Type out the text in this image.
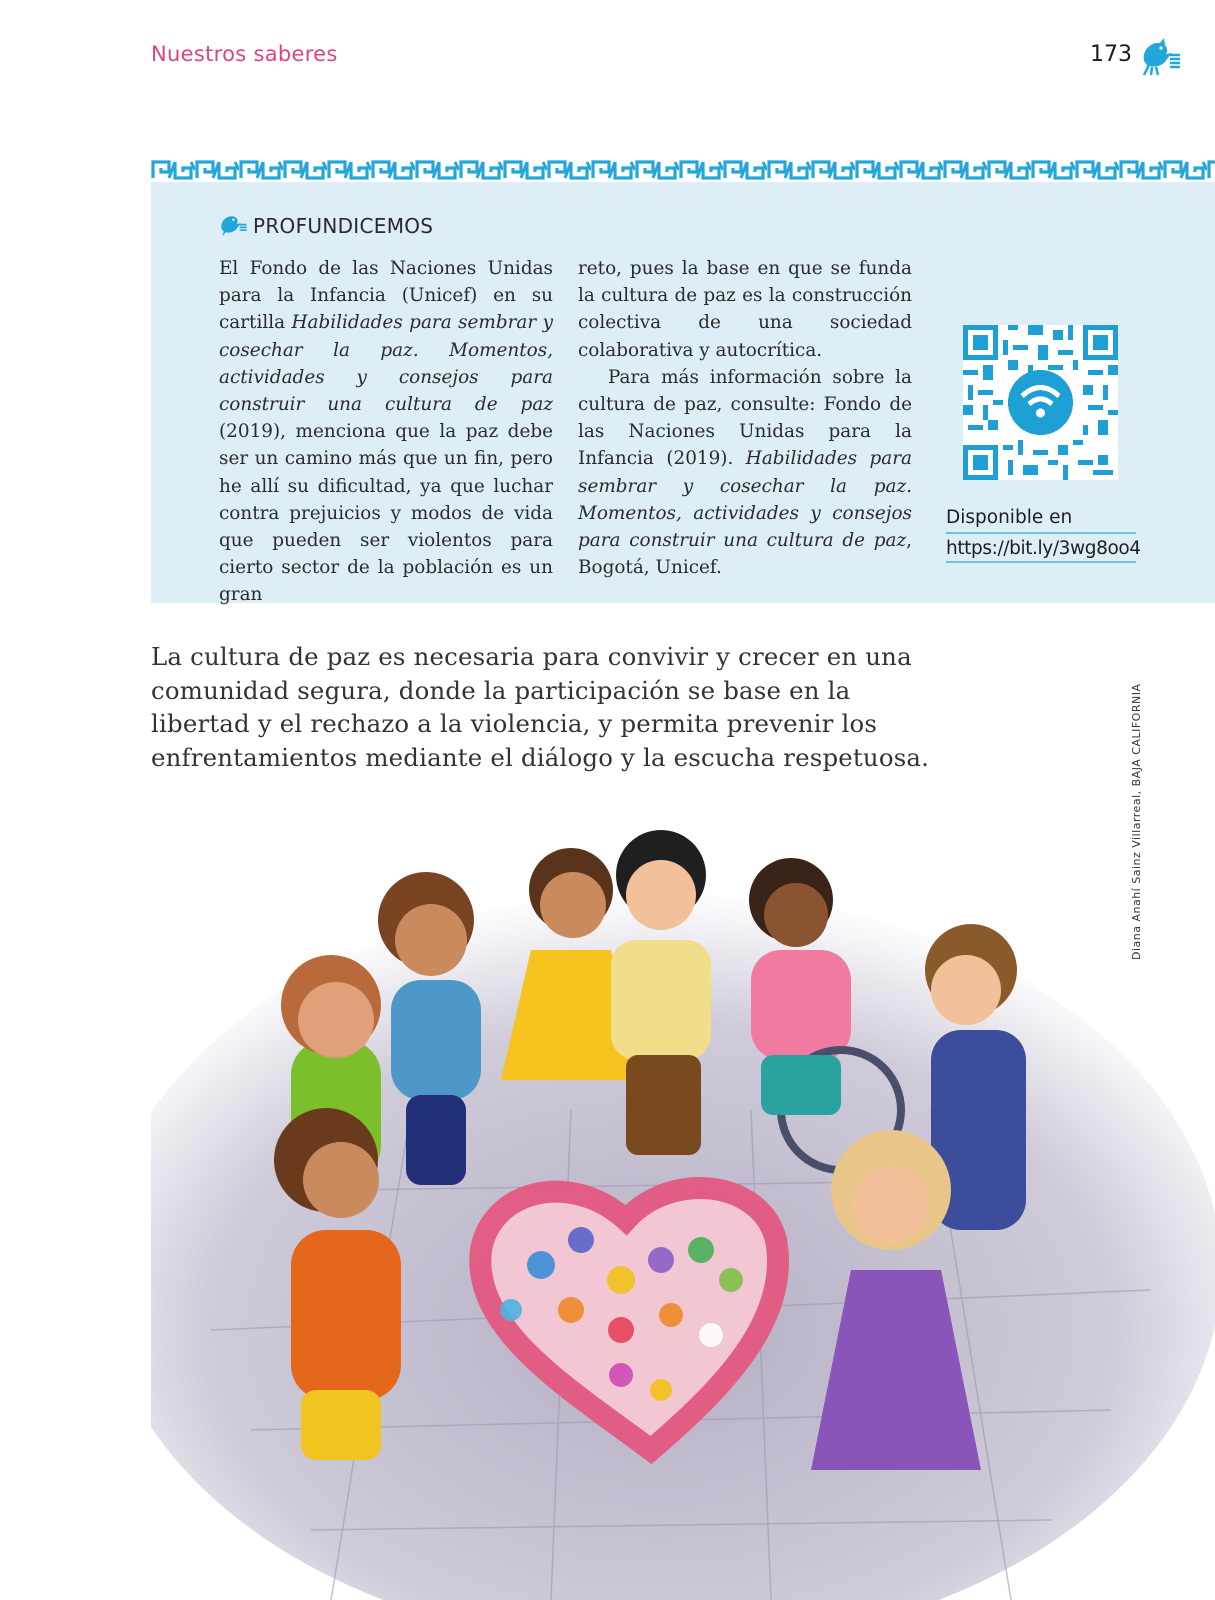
Nuestros saberes	173
PROFUNDICEMOS

El Fondo de las Naciones Unidas para la Infancia (Unicef) en su cartilla Habilidades para sembrar y cosechar la paz. Momentos, actividades y consejos para construir una cultura de paz (2019), menciona que la paz debe ser un camino más que un fin, pero he allí su dificultad, ya que luchar contra prejuicios y modos de vida que pueden ser violentos para cierto sector de la población es un gran

reto, pues la base en que se funda la cultura de paz es la construcción colectiva de una sociedad colaborativa y autocrítica.

Para más información sobre la cultura de paz, consulte: Fondo de las Naciones Unidas para la Infancia (2019). Habilidades para sembrar y cosechar la paz. Momentos, actividades y consejos para construir una cultura de paz, Bogotá, Unicef.

Disponible en
https://bit.ly/3wg8oo4
La cultura de paz es necesaria para convivir y crecer en una comunidad segura, donde la participación se base en la libertad y el rechazo a la violencia, y permita prevenir los enfrentamientos mediante el diálogo y la escucha respetuosa.	Diana Anahí Sainz Villarreal, BAJA CALIFORNIA
